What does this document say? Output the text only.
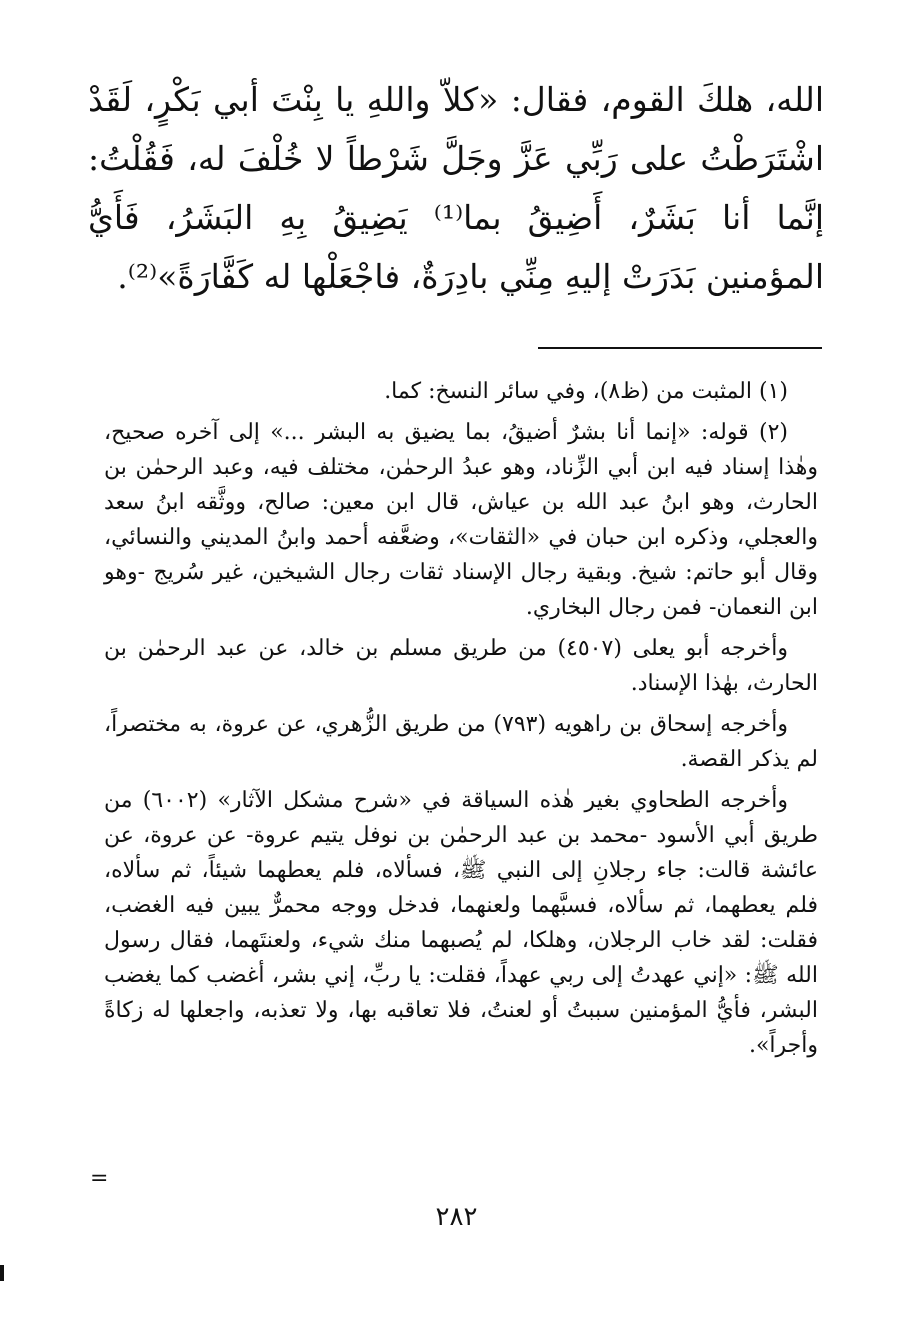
الله، هلكَ القوم، فقال: «كلاّ واللهِ يا بِنْتَ أبي بَكْرٍ، لَقَدْ اشْتَرَطْتُ على رَبِّي عَزَّ وجَلَّ شَرْطاً لا خُلْفَ له، فَقُلْتُ: إنَّما أنا بَشَرٌ، أَضِيقُ بما⁽¹⁾ يَضِيقُ بِهِ البَشَرُ، فَأَيُّ المؤمنين بَدَرَتْ إليهِ مِنِّي بادِرَةٌ، فاجْعَلْها له كَفَّارَةً»⁽²⁾.

(١) المثبت من (ظ٨)، وفي سائر النسخ: كما.

(٢) قوله: «إنما أنا بشرٌ أضيقُ، بما يضيق به البشر ...» إلى آخره صحيح، وهٰذا إسناد فيه ابن أبي الزِّناد، وهو عبدُ الرحمٰن، مختلف فيه، وعبد الرحمٰن بن الحارث، وهو ابنُ عبد الله بن عياش، قال ابن معين: صالح، ووثَّقه ابنُ سعد والعجلي، وذكره ابن حبان في «الثقات»، وضعَّفه أحمد وابنُ المديني والنسائي، وقال أبو حاتم: شيخ. وبقية رجال الإسناد ثقات رجال الشيخين، غير سُريج -وهو ابن النعمان- فمن رجال البخاري.

وأخرجه أبو يعلى (٤٥٠٧) من طريق مسلم بن خالد، عن عبد الرحمٰن بن الحارث، بهٰذا الإسناد.

وأخرجه إسحاق بن راهويه (٧٩٣) من طريق الزُّهري، عن عروة، به مختصراً، لم يذكر القصة.

وأخرجه الطحاوي بغير هٰذه السياقة في «شرح مشكل الآثار» (٦٠٠٢) من طريق أبي الأسود -محمد بن عبد الرحمٰن بن نوفل يتيم عروة- عن عروة، عن عائشة قالت: جاء رجلانِ إلى النبي ﷺ، فسألاه، فلم يعطهما شيئاً، ثم سألاه، فلم يعطهما، ثم سألاه، فسبَّهما ولعنهما، فدخل ووجه محمرٌّ يبين فيه الغضب، فقلت: لقد خاب الرجلان، وهلكا، لم يُصبهما منك شيء، ولعنتَهما، فقال رسول الله ﷺ: «إني عهدتُ إلى ربي عهداً، فقلت: يا ربِّ، إني بشر، أغضب كما يغضب البشر، فأيُّ المؤمنين سببتُ أو لعنتُ، فلا تعاقبه بها، ولا تعذبه، واجعلها له زكاةً وأجراً».

=
٢٨٢
